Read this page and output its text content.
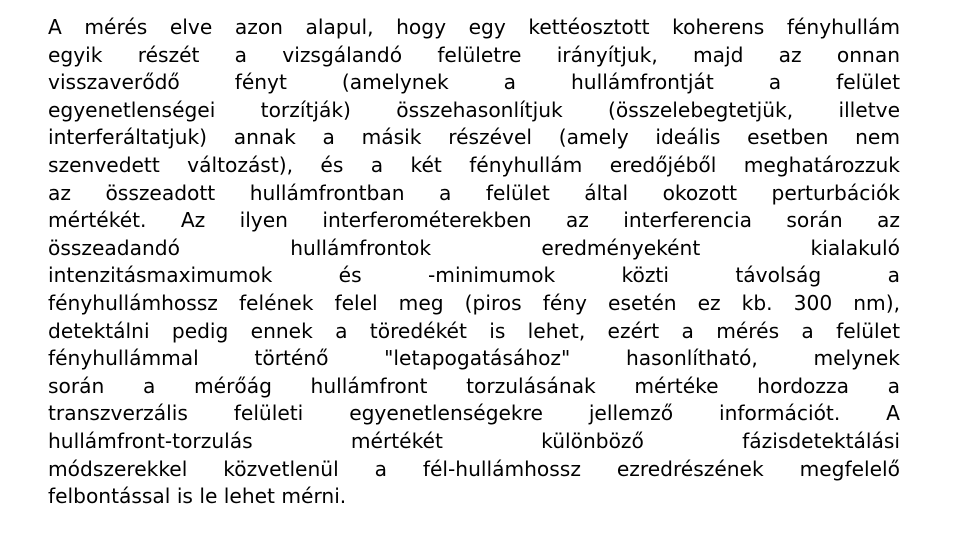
A mérés elve azon alapul, hogy egy kettéosztott koherens fényhullám
egyik részét a vizsgálandó felületre irányítjuk, majd az onnan
visszaverődő fényt (amelynek a hullámfrontját a felület
egyenetlenségei torzítják) összehasonlítjuk (összelebegtetjük, illetve
interferáltatjuk) annak a másik részével (amely ideális esetben nem
szenvedett változást), és a két fényhullám eredőjéből meghatározzuk
az összeadott hullámfrontban a felület által okozott perturbációk
mértékét. Az ilyen interferométerekben az interferencia során az
összeadandó hullámfrontok eredményeként kialakuló
intenzitásmaximumok és -minimumok közti távolság a
fényhullámhossz felének felel meg (piros fény esetén ez kb. 300 nm),
detektálni pedig ennek a töredékét is lehet, ezért a mérés a felület
fényhullámmal történő "letapogatásához" hasonlítható, melynek
során a mérőág hullámfront torzulásának mértéke hordozza a
transzverzális felületi egyenetlenségekre jellemző információt. A
hullámfront-torzulás mértékét különböző fázisdetektálási
módszerekkel közvetlenül a fél-hullámhossz ezredrészének megfelelő
felbontással is le lehet mérni.
